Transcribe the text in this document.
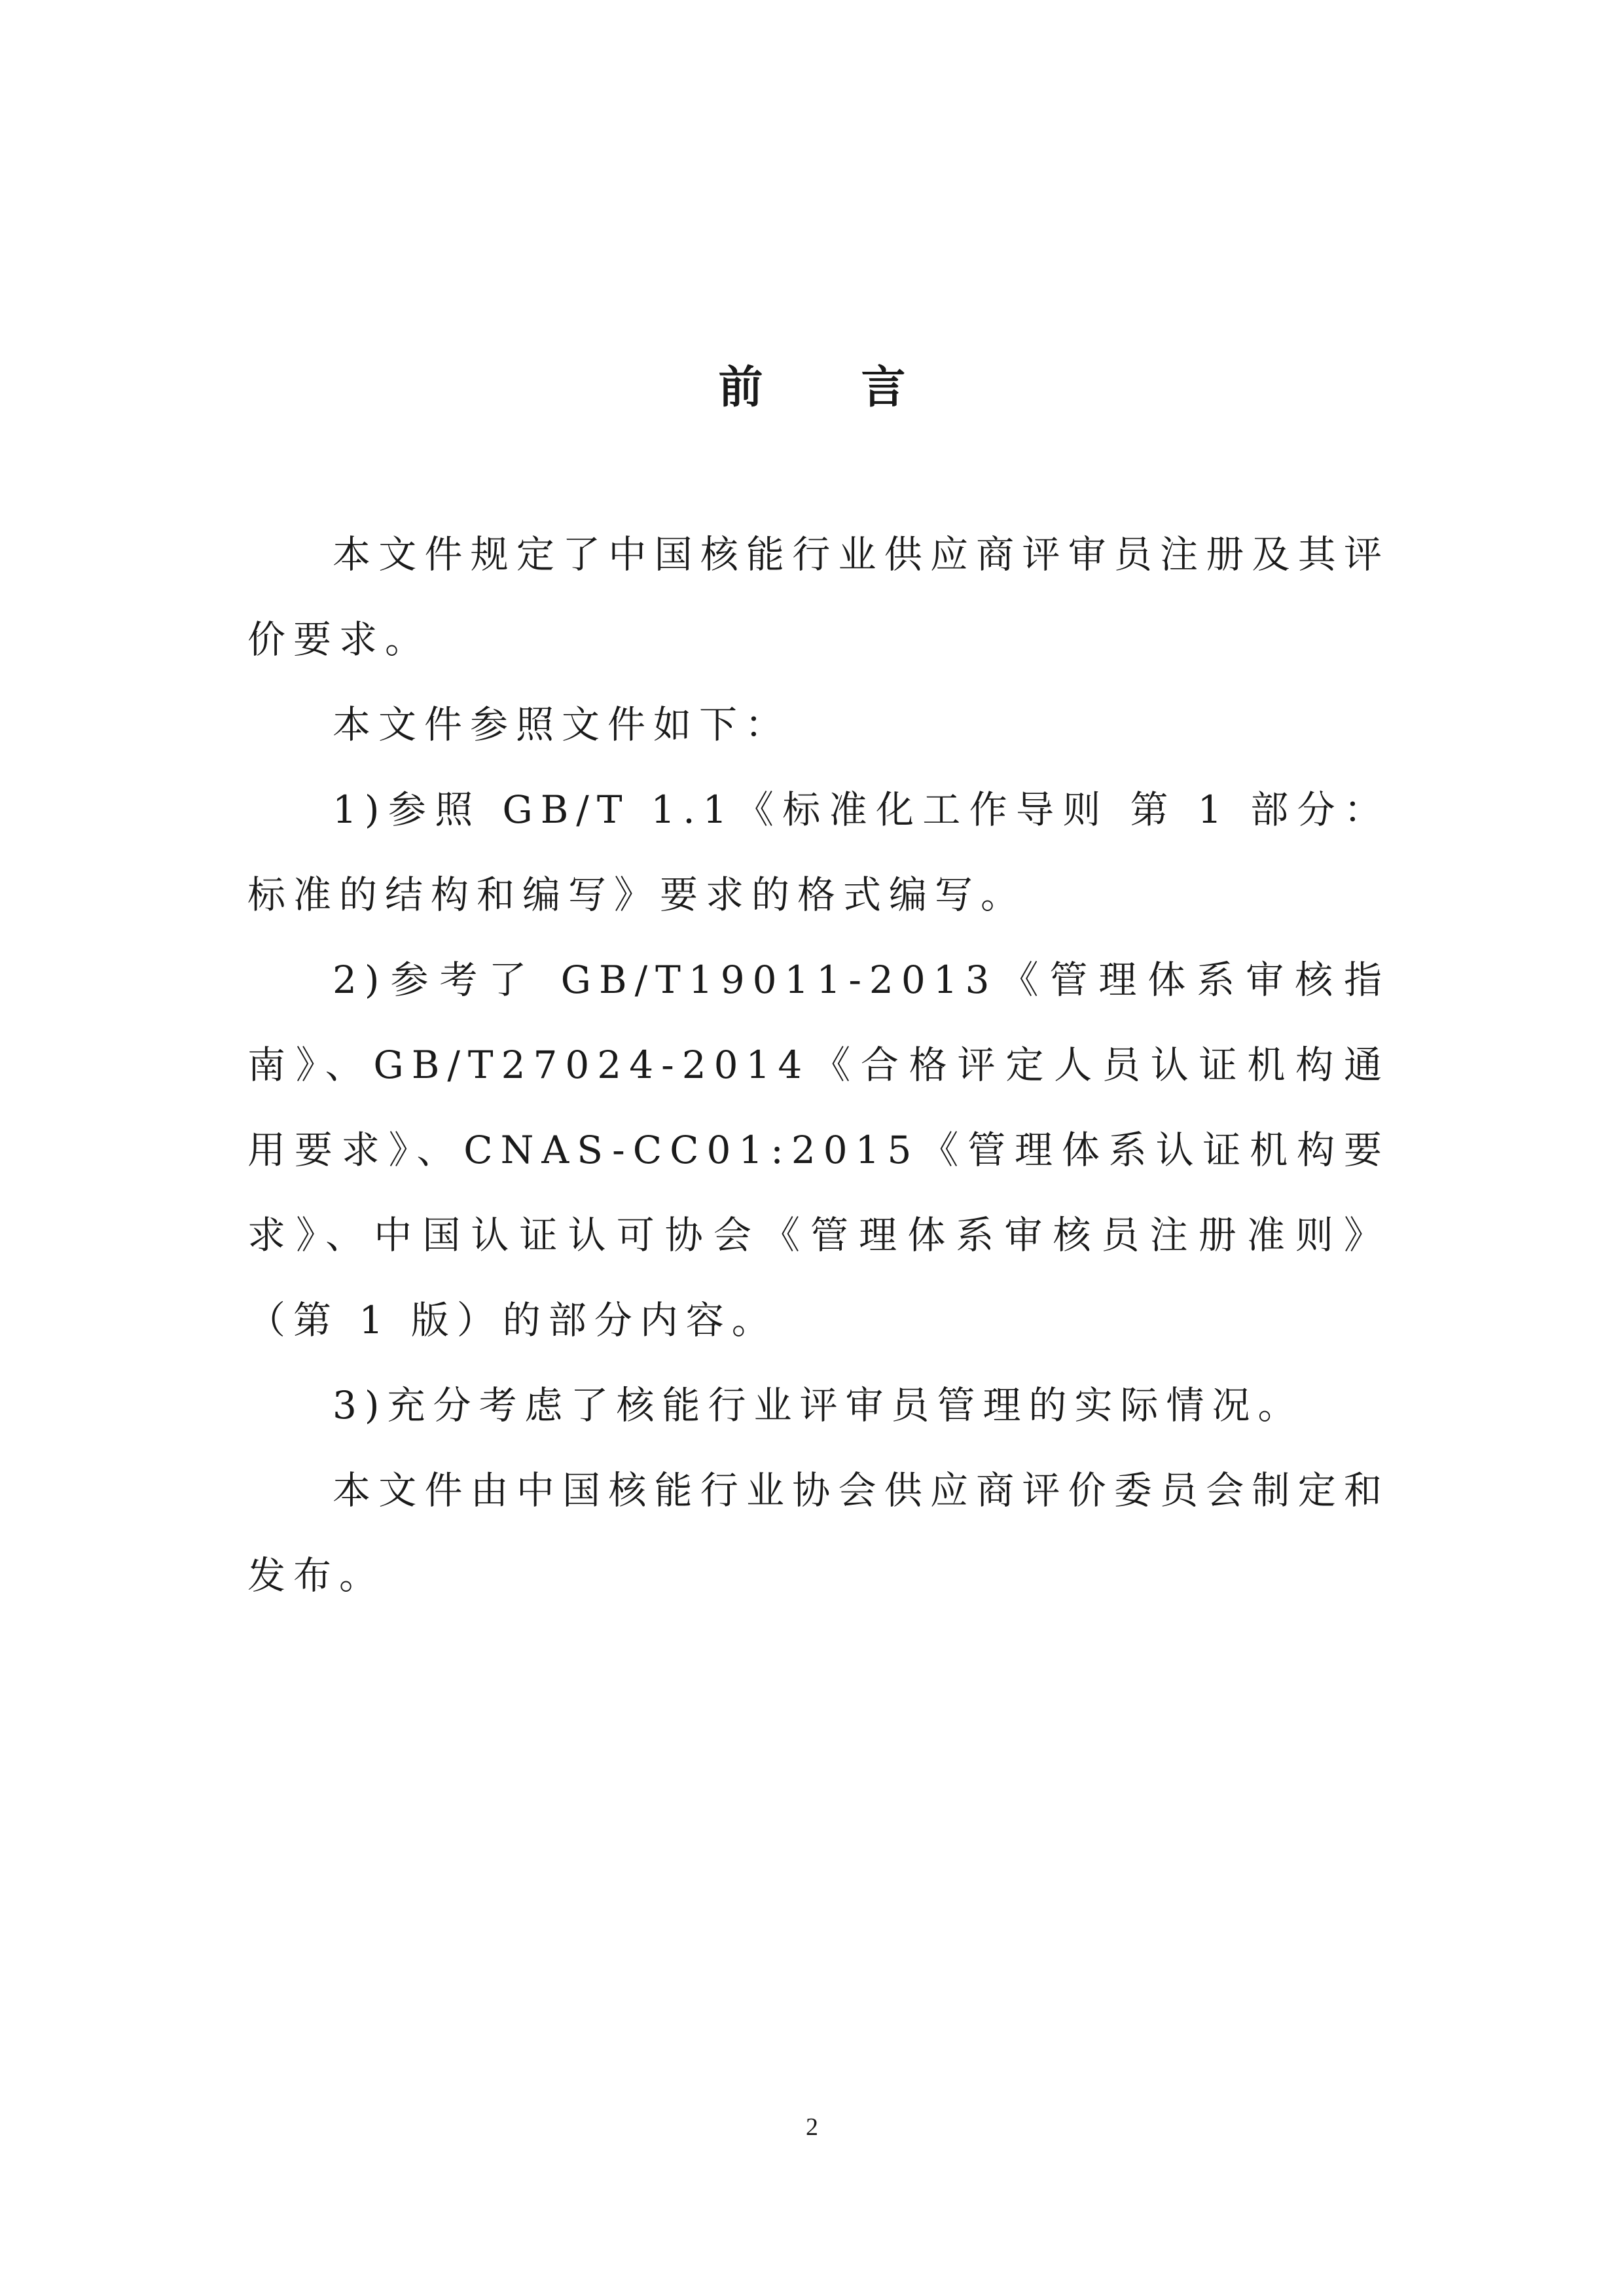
前言

本文件规定了中国核能行业供应商评审员注册及其评价要求。

本文件参照文件如下：

1)参照 GB/T 1.1《标准化工作导则 第 1 部分：标准的结构和编写》要求的格式编写。

2)参考了 GB/T19011-2013《管理体系审核指南》、GB/T27024-2014《合格评定人员认证机构通用要求》、CNAS-CC01:2015《管理体系认证机构要求》、中国认证认可协会《管理体系审核员注册准则》（第 1 版）的部分内容。

3)充分考虑了核能行业评审员管理的实际情况。

本文件由中国核能行业协会供应商评价委员会制定和发布。

2
